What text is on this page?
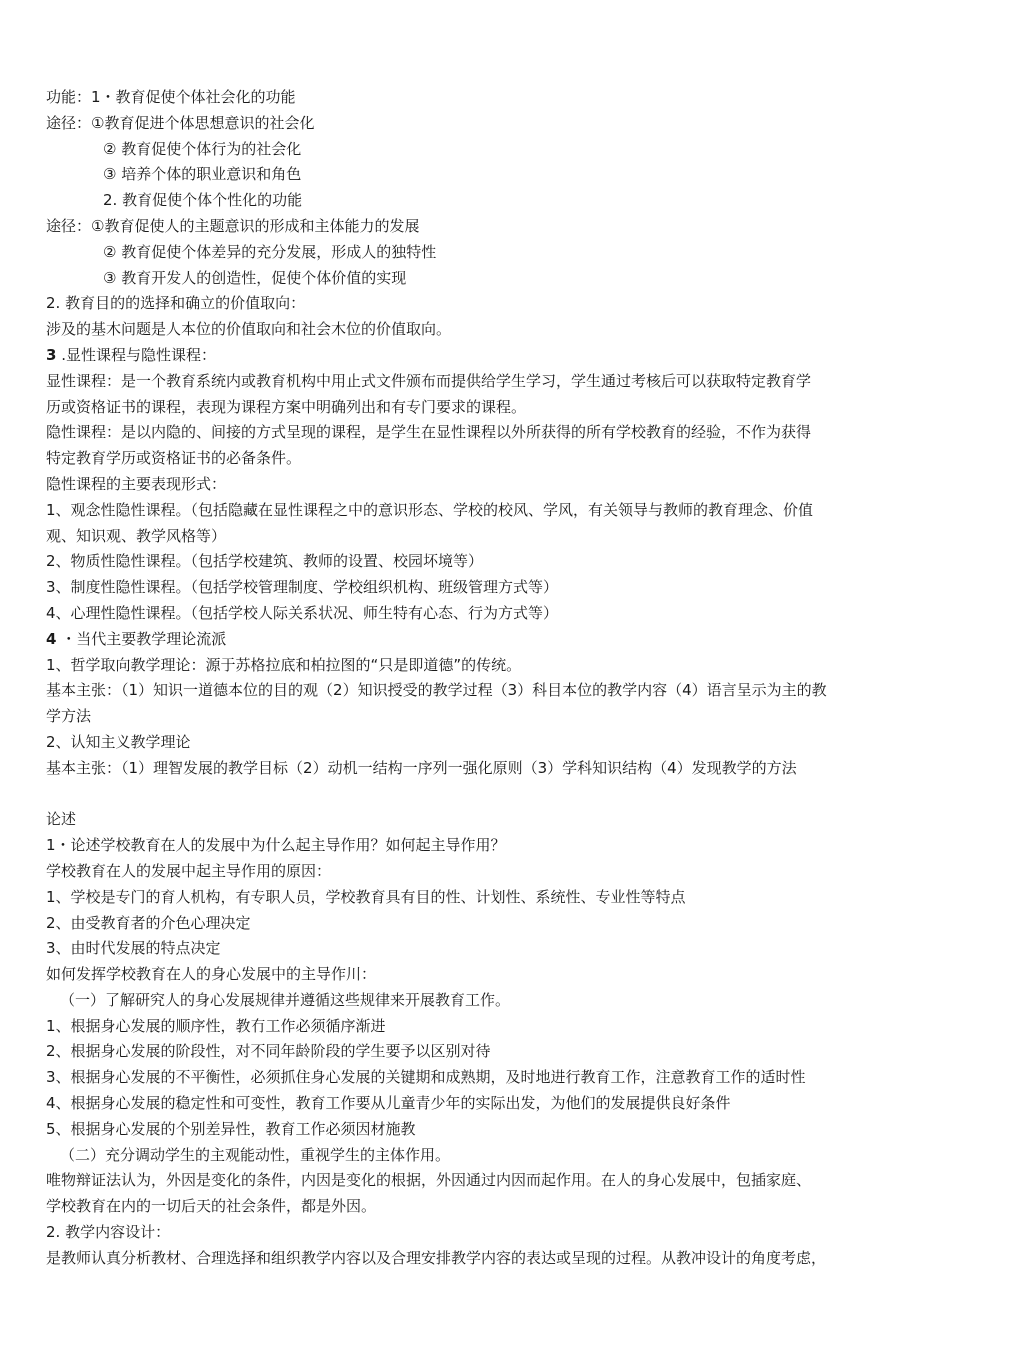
功能：1・教育促使个体社会化的功能
途径：①教育促进个体思想意识的社会化
② 教育促使个体行为的社会化
③ 培养个体的职业意识和角色
2. 教育促使个体个性化的功能
途径：①教育促使人的主题意识的形成和主体能力的发展
② 教育促使个体差异的充分发展，形成人的独特性
③ 教育开发人的创造性，促使个体价值的实现
2. 教育目的的选择和确立的价值取向：
涉及的基木问题是人本位的价值取向和社会木位的价值取向。
3 .显性课程与隐性课程：
显性课程：是一个教育系统内或教育机构中用止式文件颁布而提供给学生学习，学生通过考核后可以获取特定教育学
历或资格证书的课程，表现为课程方案中明确列出和有专门要求的课程。
隐性课程：是以内隐的、间接的方式呈现的课程，是学生在显性课程以外所获得的所有学校教育的经验，不作为获得
特定教育学历或资格证书的必备条件。
隐性课程的主要表现形式：
1、观念性隐性课程。（包括隐藏在显性课程之中的意识形态、学校的校风、学风，有关领导与教师的教育理念、价值
观、知识观、教学风格等）
2、物质性隐性课程。（包括学校建筑、教师的设置、校园坏境等）
3、制度性隐性课程。（包括学校管理制度、学校组织机构、班级管理方式等）
4、心理性隐性课程。（包括学校人际关系状况、师生特有心态、行为方式等）
4 ・当代主要教学理论流派
1、哲学取向教学理论：源于苏格拉底和柏拉图的“只是即道德”的传统。
基本主张：（1）知识一道德本位的目的观（2）知识授受的教学过程（3）科目本位的教学内容（4）语言呈示为主的教
学方法
2、认知主义教学理论
基本主张：（1）理智发展的教学目标（2）动机一结构一序列一强化原则（3）学科知识结构（4）发现教学的方法
论述
1・论述学校教育在人的发展中为什么起主导作用？如何起主导作用？
学校教育在人的发展中起主导作用的原因：
1、学校是专门的育人机构，有专职人员，学校教育具有目的性、计划性、系统性、专业性等特点
2、由受教育者的介色心理决定
3、由时代发展的特点决定
如何发挥学校教育在人的身心发展中的主导作川：
（一）了解研究人的身心发展规律并遵循这些规律来开展教育工作。
1、根据身心发展的顺序性，教冇工作必须循序渐进
2、根据身心发展的阶段性，对不同年龄阶段的学生要予以区别对待
3、根据身心发展的不平衡性，必须抓住身心发展的关键期和成熟期，及时地进行教育工作，注意教育工作的适时性
4、根据身心发展的稳定性和可变性，教育工作要从儿童青少年的实际出发，为他们的发展提供良好条件
5、根据身心发展的个别差异性，教育工作必须因材施教
（二）充分调动学生的主观能动性，重视学生的主体作用。
唯物辩证法认为，外因是变化的条件，内因是变化的根据，外因通过内因而起作用。在人的身心发展中，包插家庭、
学校教育在内的一切后天的社会条件，都是外因。
2. 教学内容设计：
是教师认真分析教材、合理选择和组织教学内容以及合理安排教学内容的表达或呈现的过程。从教冲设计的角度考虑，
